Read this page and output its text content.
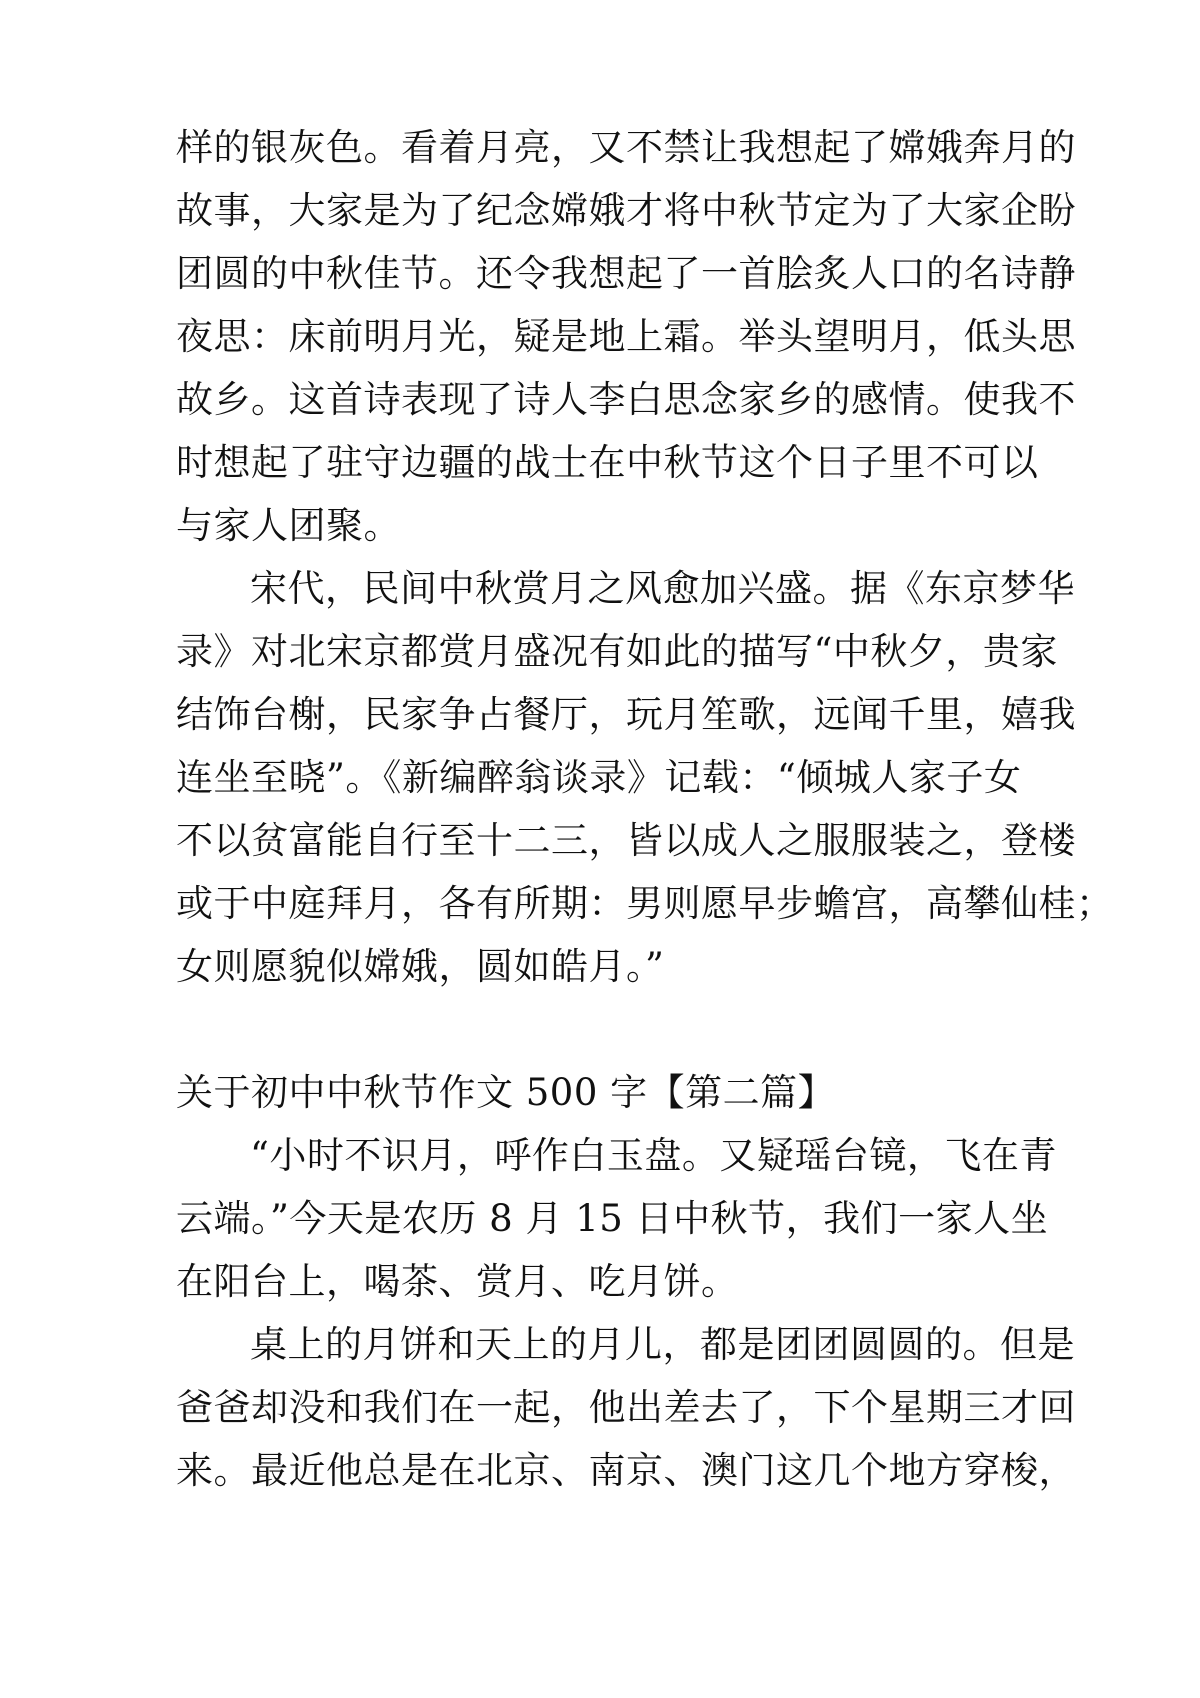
样的银灰色。看着月亮，又不禁让我想起了嫦娥奔月的
故事，大家是为了纪念嫦娥才将中秋节定为了大家企盼
团圆的中秋佳节。还令我想起了一首脍炙人口的名诗静
夜思：床前明月光，疑是地上霜。举头望明月，低头思
故乡。这首诗表现了诗人李白思念家乡的感情。使我不
时想起了驻守边疆的战士在中秋节这个日子里不可以
与家人团聚。
宋代，民间中秋赏月之风愈加兴盛。据《东京梦华
录》对北宋京都赏月盛况有如此的描写“中秋夕，贵家
结饰台榭，民家争占餐厅，玩月笙歌，远闻千里，嬉我
连坐至晓”。《新编醉翁谈录》记载：“倾城人家子女
不以贫富能自行至十二三，皆以成人之服服装之，登楼
或于中庭拜月，各有所期：男则愿早步蟾宫，高攀仙桂；
女则愿貌似嫦娥，圆如皓月。”
关于初中中秋节作文 500 字【第二篇】
“小时不识月，呼作白玉盘。又疑瑶台镜，飞在青
云端。”今天是农历 8 月 15 日中秋节，我们一家人坐
在阳台上，喝茶、赏月、吃月饼。
桌上的月饼和天上的月儿，都是团团圆圆的。但是
爸爸却没和我们在一起，他出差去了，下个星期三才回
来。最近他总是在北京、南京、澳门这几个地方穿梭，
